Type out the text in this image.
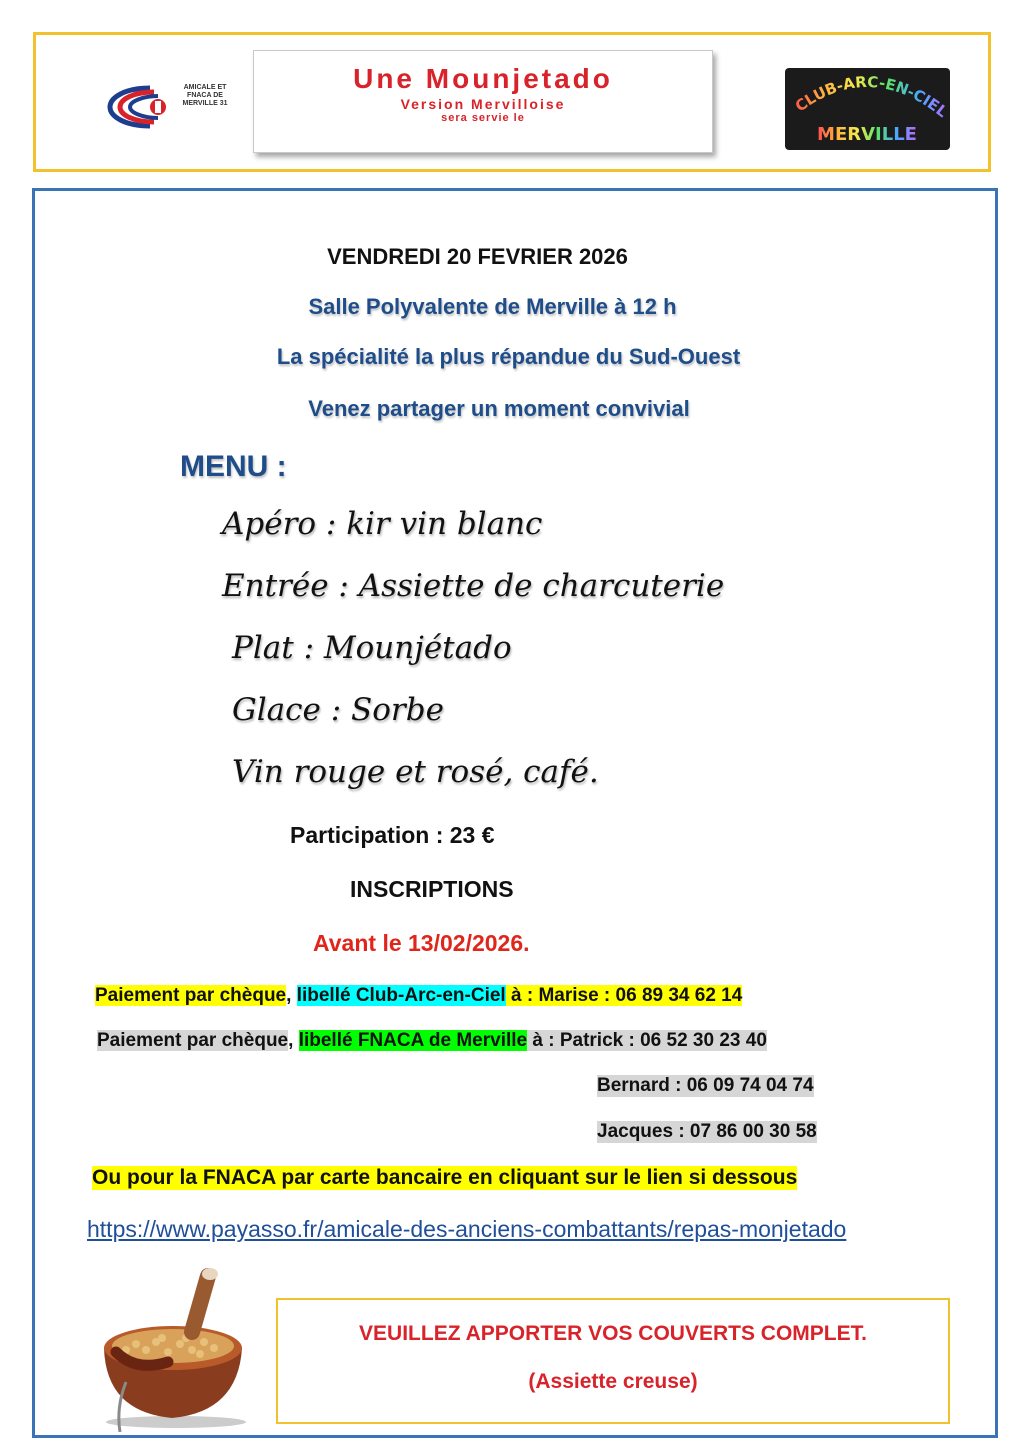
AMICALE ET FNACA DE MERVILLE 31
Une Mounjetado
Version Mervilloise
sera servie le
CLUB-ARC-EN-CIEL
MERVILLE
VENDREDI 20 FEVRIER 2026
Salle Polyvalente de Merville à 12 h
La spécialité la plus répandue du Sud-Ouest
Venez partager un moment convivial
MENU :
Apéro : kir vin blanc
Entrée : Assiette de charcuterie
Plat : Mounjétado
Glace : Sorbe
Vin rouge et rosé, café.
Participation : 23 €
INSCRIPTIONS
Avant le 13/02/2026.
Paiement par chèque, libellé Club-Arc-en-Ciel à : Marise : 06 89 34 62 14
Paiement par chèque, libellé FNACA de Merville à : Patrick : 06 52 30 23 40
Bernard : 06 09 74 04 74
Jacques : 07 86 00 30 58
Ou pour la FNACA par carte bancaire en cliquant sur le lien si dessous
https://www.payasso.fr/amicale-des-anciens-combattants/repas-monjetado
VEUILLEZ APPORTER VOS COUVERTS COMPLET.
(Assiette creuse)
